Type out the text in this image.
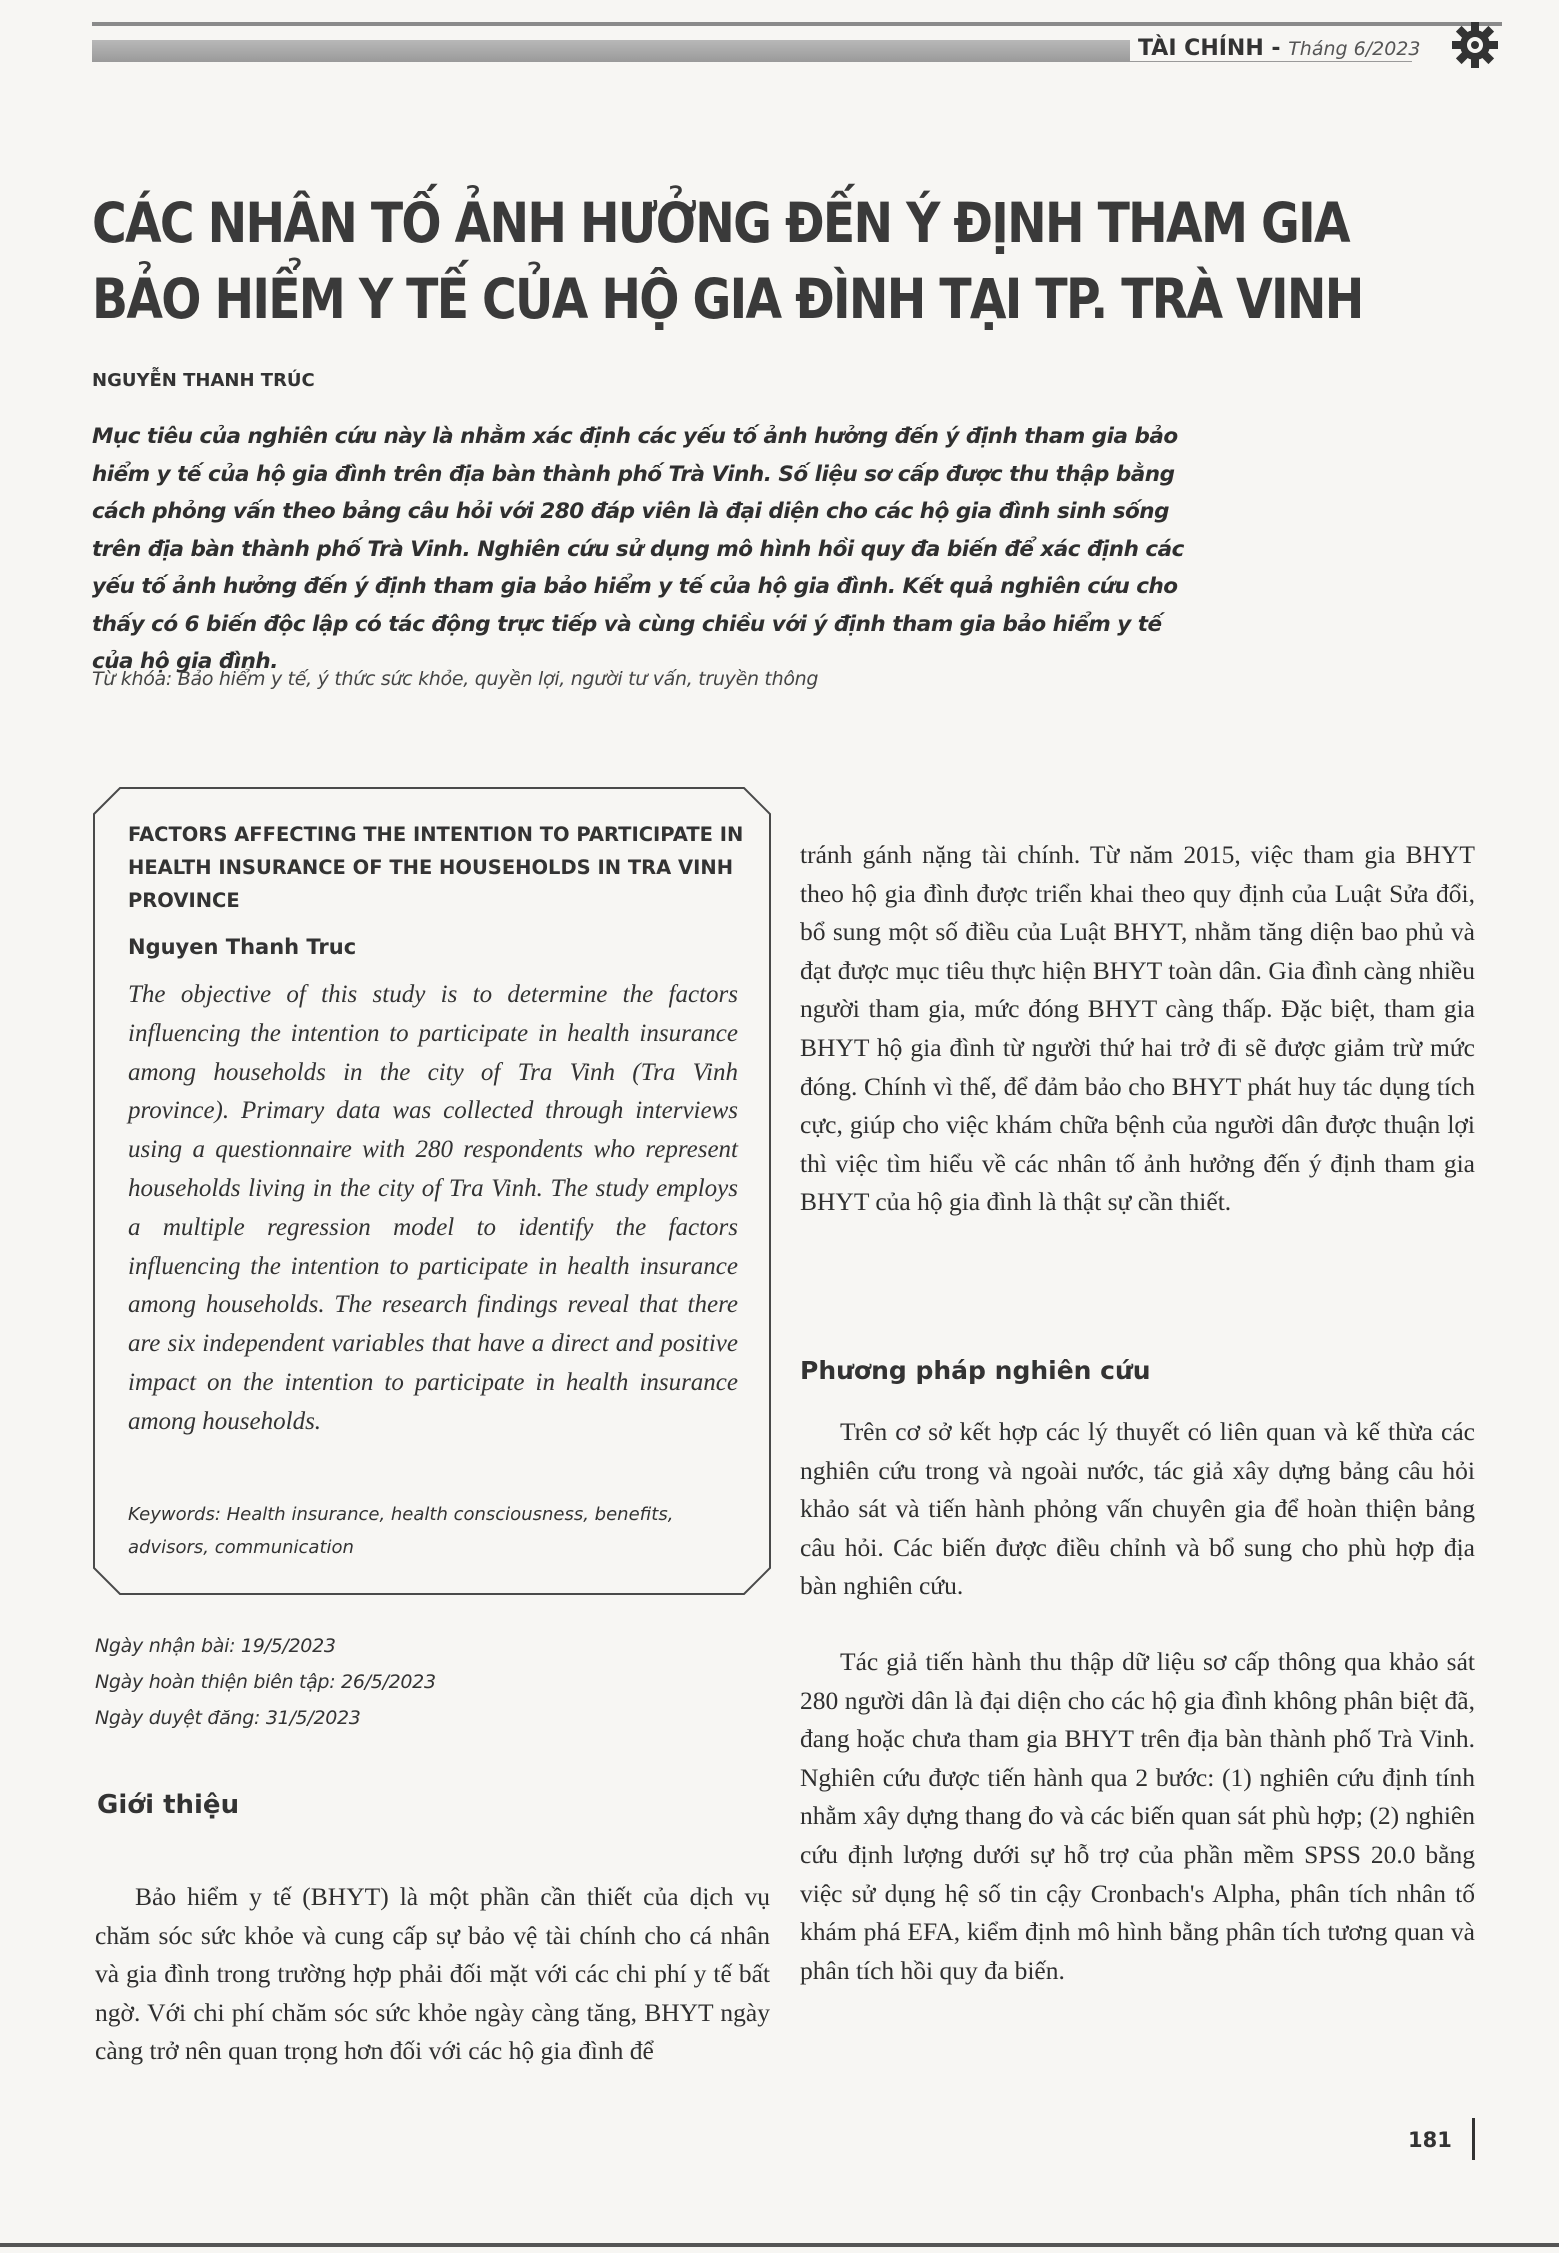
TÀI CHÍNH - Tháng 6/2023
CÁC NHÂN TỐ ẢNH HƯỞNG ĐẾN Ý ĐỊNH THAM GIA
BẢO HIỂM Y TẾ CỦA HỘ GIA ĐÌNH TẠI TP. TRÀ VINH
NGUYỄN THANH TRÚC

Mục tiêu của nghiên cứu này là nhằm xác định các yếu tố ảnh hưởng đến ý định tham gia bảo hiểm y tế của hộ gia đình trên địa bàn thành phố Trà Vinh. Số liệu sơ cấp được thu thập bằng cách phỏng vấn theo bảng câu hỏi với 280 đáp viên là đại diện cho các hộ gia đình sinh sống trên địa bàn thành phố Trà Vinh. Nghiên cứu sử dụng mô hình hồi quy đa biến để xác định các yếu tố ảnh hưởng đến ý định tham gia bảo hiểm y tế của hộ gia đình. Kết quả nghiên cứu cho thấy có 6 biến độc lập có tác động trực tiếp và cùng chiều với ý định tham gia bảo hiểm y tế của hộ gia đình.

Từ khóa: Bảo hiểm y tế, ý thức sức khỏe, quyền lợi, người tư vấn, truyền thông
FACTORS AFFECTING THE INTENTION TO PARTICIPATE IN HEALTH INSURANCE OF THE HOUSEHOLDS IN TRA VINH PROVINCE
Nguyen Thanh Truc

The objective of this study is to determine the factors influencing the intention to participate in health insurance among households in the city of Tra Vinh (Tra Vinh province). Primary data was collected through interviews using a questionnaire with 280 respondents who represent households living in the city of Tra Vinh. The study employs a multiple regression model to identify the factors influencing the intention to participate in health insurance among households. The research findings reveal that there are six independent variables that have a direct and positive impact on the intention to participate in health insurance among households.

Keywords: Health insurance, health consciousness, benefits, advisors, communication

Ngày nhận bài: 19/5/2023
Ngày hoàn thiện biên tập: 26/5/2023
Ngày duyệt đăng: 31/5/2023
Giới thiệu

Bảo hiểm y tế (BHYT) là một phần cần thiết của dịch vụ chăm sóc sức khỏe và cung cấp sự bảo vệ tài chính cho cá nhân và gia đình trong trường hợp phải đối mặt với các chi phí y tế bất ngờ. Với chi phí chăm sóc sức khỏe ngày càng tăng, BHYT ngày càng trở nên quan trọng hơn đối với các hộ gia đình để

tránh gánh nặng tài chính. Từ năm 2015, việc tham gia BHYT theo hộ gia đình được triển khai theo quy định của Luật Sửa đổi, bổ sung một số điều của Luật BHYT, nhằm tăng diện bao phủ và đạt được mục tiêu thực hiện BHYT toàn dân. Gia đình càng nhiều người tham gia, mức đóng BHYT càng thấp. Đặc biệt, tham gia BHYT hộ gia đình từ người thứ hai trở đi sẽ được giảm trừ mức đóng. Chính vì thế, để đảm bảo cho BHYT phát huy tác dụng tích cực, giúp cho việc khám chữa bệnh của người dân được thuận lợi thì việc tìm hiểu về các nhân tố ảnh hưởng đến ý định tham gia BHYT của hộ gia đình là thật sự cần thiết.

Phương pháp nghiên cứu

Trên cơ sở kết hợp các lý thuyết có liên quan và kế thừa các nghiên cứu trong và ngoài nước, tác giả xây dựng bảng câu hỏi khảo sát và tiến hành phỏng vấn chuyên gia để hoàn thiện bảng câu hỏi. Các biến được điều chỉnh và bổ sung cho phù hợp địa bàn nghiên cứu.

Tác giả tiến hành thu thập dữ liệu sơ cấp thông qua khảo sát 280 người dân là đại diện cho các hộ gia đình không phân biệt đã, đang hoặc chưa tham gia BHYT trên địa bàn thành phố Trà Vinh. Nghiên cứu được tiến hành qua 2 bước: (1) nghiên cứu định tính nhằm xây dựng thang đo và các biến quan sát phù hợp; (2) nghiên cứu định lượng dưới sự hỗ trợ của phần mềm SPSS 20.0 bằng việc sử dụng hệ số tin cậy Cronbach's Alpha, phân tích nhân tố khám phá EFA, kiểm định mô hình bằng phân tích tương quan và phân tích hồi quy đa biến.

181
